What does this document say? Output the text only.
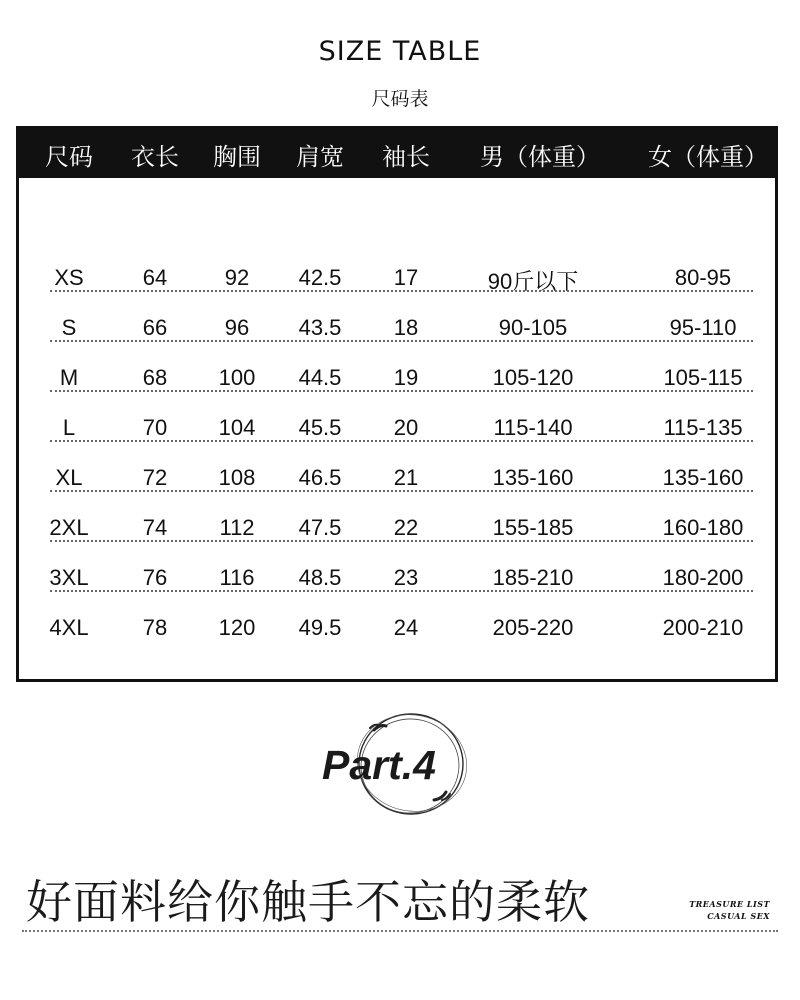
SIZE TABLE
尺码表
尺码 衣长 胸围 肩宽 袖长 男（体重） 女（体重）
XS	64	92 42.5 17	90斤以下	80-95
S	66	96 43.5 18	90-105	95-110
M	68 100 44.5 19	105-120	105-115
L	70 104 45.5 20	115-140	115-135
XL	72 108 46.5 21	135-160	135-160
2XL 74 112 47.5 22	155-185	160-180
3XL 76 116 48.5 23	185-210	180-200
4XL 78 120 49.5 24	205-220	200-210
Part.4
好面料给你触手不忘的柔软	TREASURE LIST
CASUAL SEX
